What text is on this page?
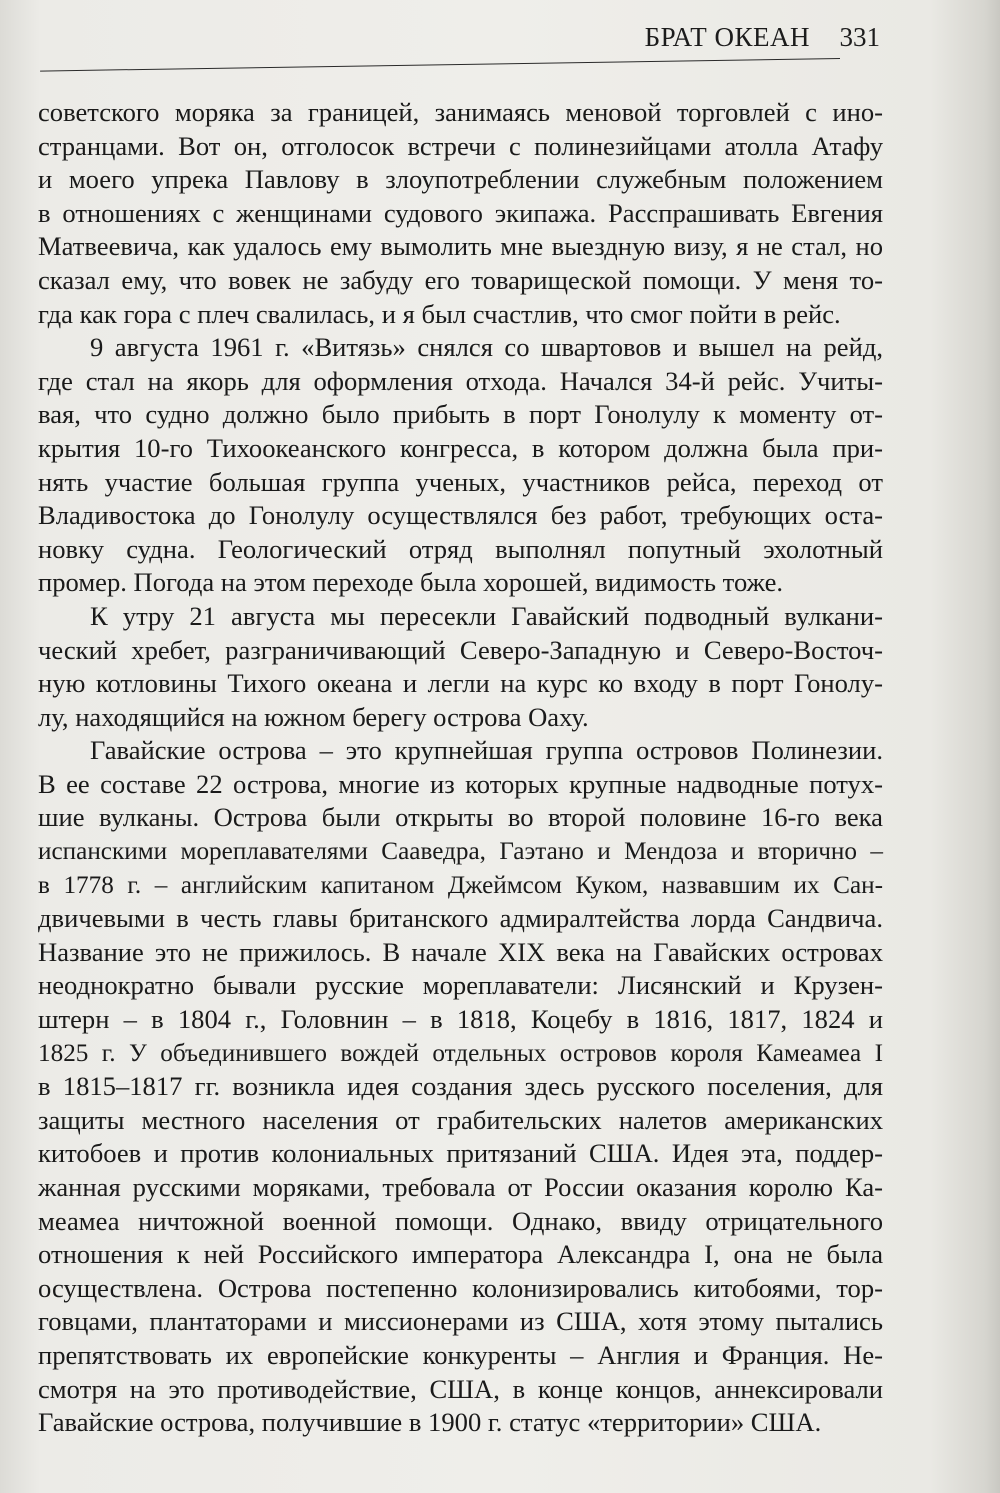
БРАТ ОКЕАН 331
советского моряка за границей, занимаясь меновой торговлей с ино-
странцами. Вот он, отголосок встречи с полинезийцами атолла Атафу
и моего упрека Павлову в злоупотреблении служебным положением
в отношениях с женщинами судового экипажа. Расспрашивать Евгения
Матвеевича, как удалось ему вымолить мне выездную визу, я не стал, но
сказал ему, что вовек не забуду его товарищеской помощи. У меня то-
гда как гора с плеч свалилась, и я был счастлив, что смог пойти в рейс.
9 августа 1961 г. «Витязь» снялся со швартовов и вышел на рейд,
где стал на якорь для оформления отхода. Начался 34-й рейс. Учиты-
вая, что судно должно было прибыть в порт Гонолулу к моменту от-
крытия 10-го Тихоокеанского конгресса, в котором должна была при-
нять участие большая группа ученых, участников рейса, переход от
Владивостока до Гонолулу осуществлялся без работ, требующих оста-
новку судна. Геологический отряд выполнял попутный эхолотный
промер. Погода на этом переходе была хорошей, видимость тоже.
К утру 21 августа мы пересекли Гавайский подводный вулкани-
ческий хребет, разграничивающий Северо-Западную и Северо-Восточ-
ную котловины Тихого океана и легли на курс ко входу в порт Гонолу-
лу, находящийся на южном берегу острова Оаху.
Гавайские острова – это крупнейшая группа островов Полинезии.
В ее составе 22 острова, многие из которых крупные надводные потух-
шие вулканы. Острова были открыты во второй половине 16-го века
испанскими мореплавателями Сааведра, Гаэтано и Мендоза и вторично –
в 1778 г. – английским капитаном Джеймсом Куком, назвавшим их Сан-
двичевыми в честь главы британского адмиралтейства лорда Сандвича.
Название это не прижилось. В начале XIX века на Гавайских островах
неоднократно бывали русские мореплаватели: Лисянский и Крузен-
штерн – в 1804 г., Головнин – в 1818, Коцебу в 1816, 1817, 1824 и
1825 г. У объединившего вождей отдельных островов короля Камеамеа I
в 1815–1817 гг. возникла идея создания здесь русского поселения, для
защиты местного населения от грабительских налетов американских
китобоев и против колониальных притязаний США. Идея эта, поддер-
жанная русскими моряками, требовала от России оказания королю Ка-
меамеа ничтожной военной помощи. Однако, ввиду отрицательного
отношения к ней Российского императора Александра I, она не была
осуществлена. Острова постепенно колонизировались китобоями, тор-
говцами, плантаторами и миссионерами из США, хотя этому пытались
препятствовать их европейские конкуренты – Англия и Франция. Не-
смотря на это противодействие, США, в конце концов, аннексировали
Гавайские острова, получившие в 1900 г. статус «территории» США.
